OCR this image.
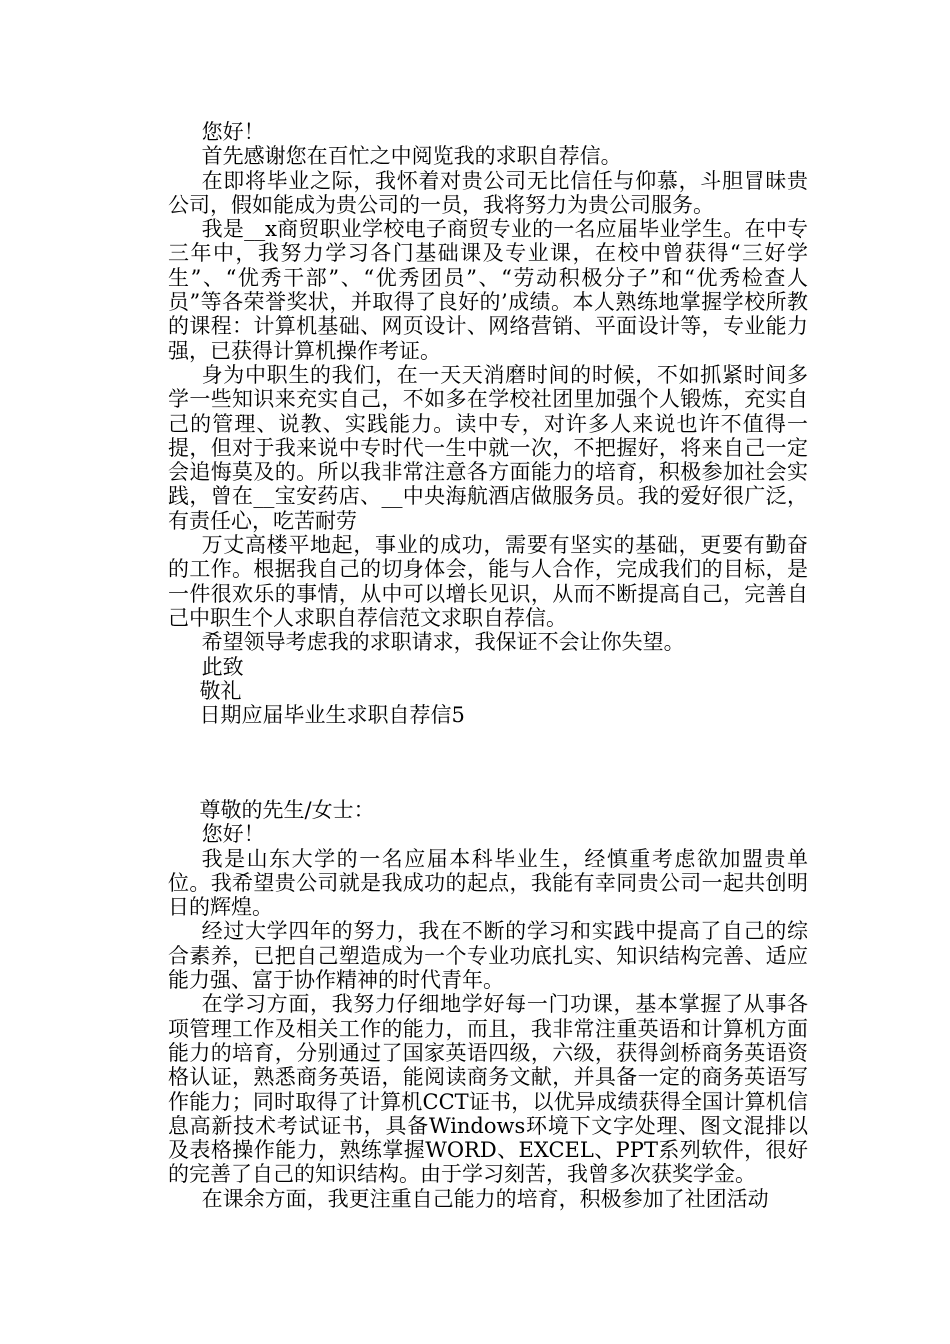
您好！

首先感谢您在百忙之中阅览我的求职自荐信。

在即将毕业之际，我怀着对贵公司无比信任与仰慕，斗胆冒昧贵公司，假如能成为贵公司的一员，我将努力为贵公司服务。

我是__x商贸职业学校电子商贸专业的一名应届毕业学生。在中专三年中，我努力学习各门基础课及专业课，在校中曾获得“三好学生”、“优秀干部”、“优秀团员”、“劳动积极分子”和“优秀检查人员”等各荣誉奖状，并取得了良好的’成绩。本人熟练地掌握学校所教的课程：计算机基础、网页设计、网络营销、平面设计等，专业能力强，已获得计算机操作考证。

身为中职生的我们，在一天天消磨时间的时候，不如抓紧时间多学一些知识来充实自己，不如多在学校社团里加强个人锻炼，充实自己的管理、说教、实践能力。读中专，对许多人来说也许不值得一提，但对于我来说中专时代一生中就一次，不把握好，将来自己一定会追悔莫及的。所以我非常注意各方面能力的培育，积极参加社会实践，曾在__宝安药店、__中央海航酒店做服务员。我的爱好很广泛，有责任心，吃苦耐劳

万丈高楼平地起，事业的成功，需要有坚实的基础，更要有勤奋的工作。根据我自己的切身体会，能与人合作，完成我们的目标，是一件很欢乐的事情，从中可以增长见识，从而不断提高自己，完善自己中职生个人求职自荐信范文求职自荐信。

希望领导考虑我的求职请求，我保证不会让你失望。

此致

敬礼

日期应届毕业生求职自荐信5

尊敬的先生/女士：

您好！

我是山东大学的一名应届本科毕业生，经慎重考虑欲加盟贵单位。我希望贵公司就是我成功的起点，我能有幸同贵公司一起共创明日的辉煌。

经过大学四年的努力，我在不断的学习和实践中提高了自己的综合素养，已把自己塑造成为一个专业功底扎实、知识结构完善、适应能力强、富于协作精神的时代青年。

在学习方面，我努力仔细地学好每一门功课，基本掌握了从事各项管理工作及相关工作的能力，而且，我非常注重英语和计算机方面能力的培育，分别通过了国家英语四级，六级，获得剑桥商务英语资格认证，熟悉商务英语，能阅读商务文献，并具备一定的商务英语写作能力；同时取得了计算机CCT证书，以优异成绩获得全国计算机信息高新技术考试证书，具备Windows环境下文字处理、图文混排以及表格操作能力，熟练掌握WORD、EXCEL、PPT系列软件，很好的完善了自己的知识结构。由于学习刻苦，我曾多次获奖学金。

在课余方面，我更注重自己能力的培育，积极参加了社团活动
